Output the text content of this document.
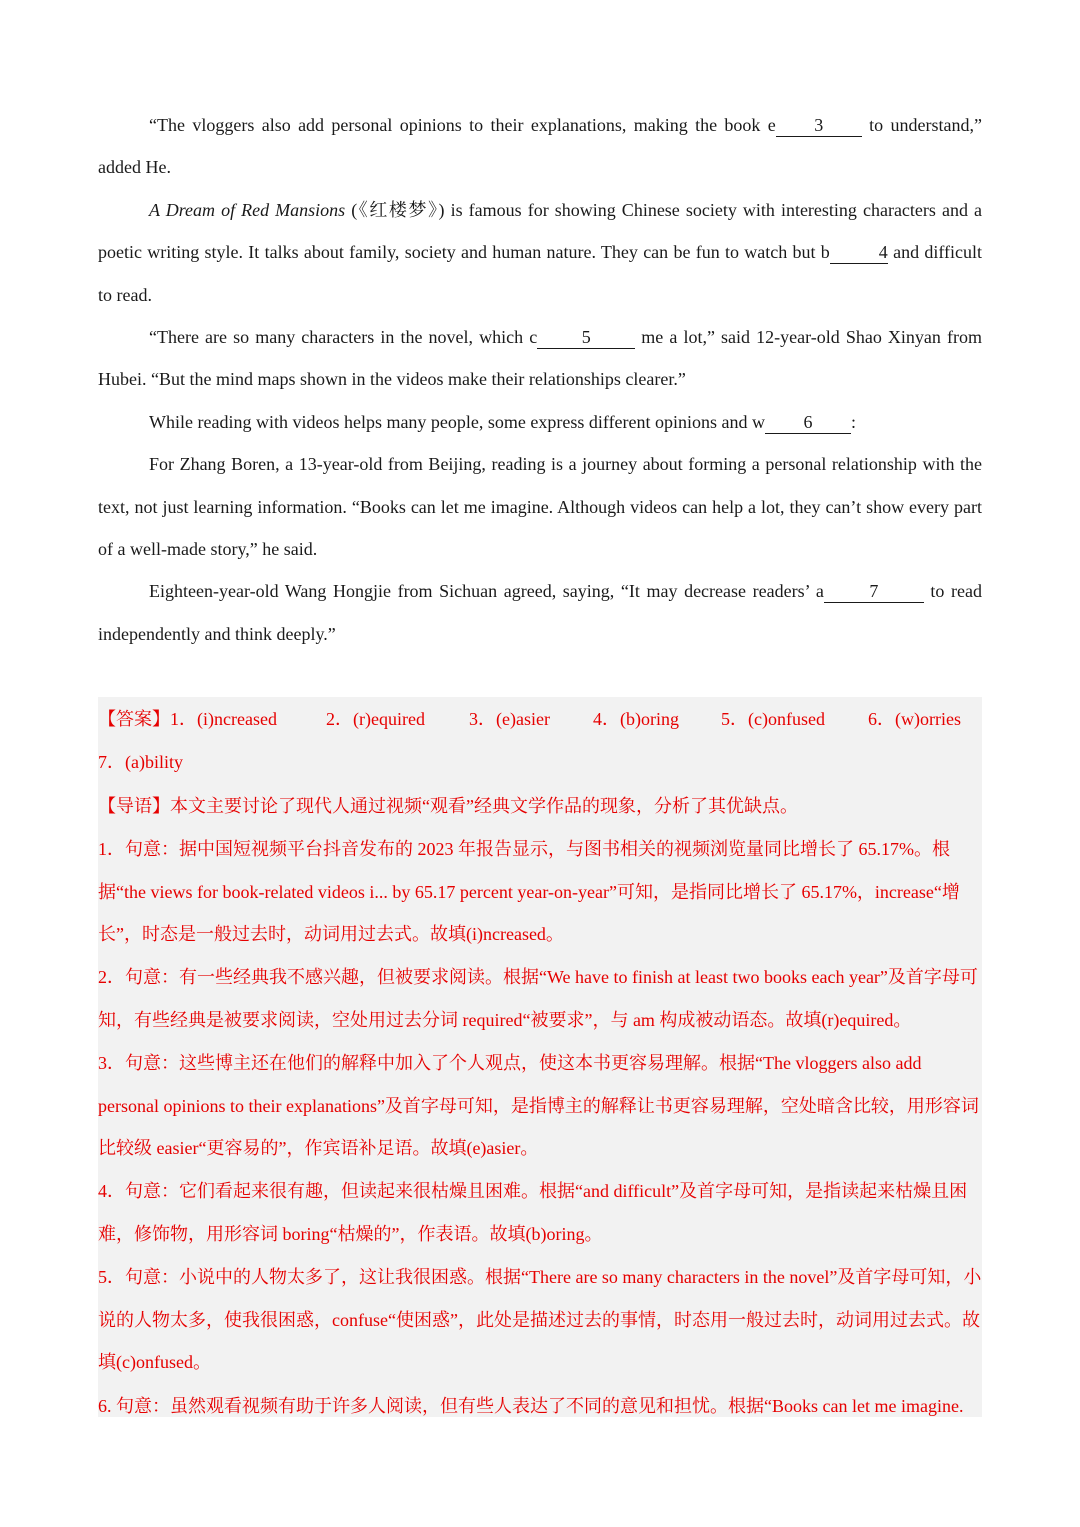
“The vloggers also add personal opinions to their explanations, making the book e 3 to understand,” added He.

A Dream of Red Mansions (《红楼梦》) is famous for showing Chinese society with interesting characters and a poetic writing style. It talks about family, society and human nature. They can be fun to watch but b	4 and difficult to read.

“There are so many characters in the novel, which c 5 me a lot,” said 12-year-old Shao Xinyan from Hubei. “But the mind maps shown in the videos make their relationships clearer.”

While reading with videos helps many people, some express different opinions and w 6 :

For Zhang Boren, a 13-year-old from Beijing, reading is a journey about forming a personal relationship with the text, not just learning information. “Books can let me imagine. Although videos can help a lot, they can’t show every part of a well-made story,” he said.

Eighteen-year-old Wang Hongjie from Sichuan agreed, saying, “It may decrease readers’ a	7	to read independently and think deeply.”

【答案】1．(i)ncreased	2．(r)equired	3．(e)asier	4．(b)oring	5．(c)onfused	6．(w)orries

7．(a)bility

【导语】本文主要讨论了现代人通过视频“观看”经典文学作品的现象，分析了其优缺点。

1．句意：据中国短视频平台抖音发布的 2023 年报告显示，与图书相关的视频浏览量同比增长了 65.17%。根据“the views for book-related videos i... by 65.17 percent year-on-year”可知，是指同比增长了 65.17%，increase“增长”，时态是一般过去时，动词用过去式。故填(i)ncreased。

2．句意：有一些经典我不感兴趣，但被要求阅读。根据“We have to finish at least two books each year”及首字母可知，有些经典是被要求阅读，空处用过去分词 required“被要求”，与 am 构成被动语态。故填(r)equired。

3．句意：这些博主还在他们的解释中加入了个人观点，使这本书更容易理解。根据“The vloggers also add personal opinions to their explanations”及首字母可知，是指博主的解释让书更容易理解，空处暗含比较，用形容词比较级 easier“更容易的”，作宾语补足语。故填(e)asier。

4．句意：它们看起来很有趣，但读起来很枯燥且困难。根据“and difficult”及首字母可知，是指读起来枯燥且困难，修饰物，用形容词 boring“枯燥的”，作表语。故填(b)oring。

5．句意：小说中的人物太多了，这让我很困惑。根据“There are so many characters in the novel”及首字母可知，小说的人物太多，使我很困惑，confuse“使困惑”，此处是描述过去的事情，时态用一般过去时，动词用过去式。故填(c)onfused。

6. 句意：虽然观看视频有助于许多人阅读，但有些人表达了不同的意见和担忧。根据“Books can let me imagine.
